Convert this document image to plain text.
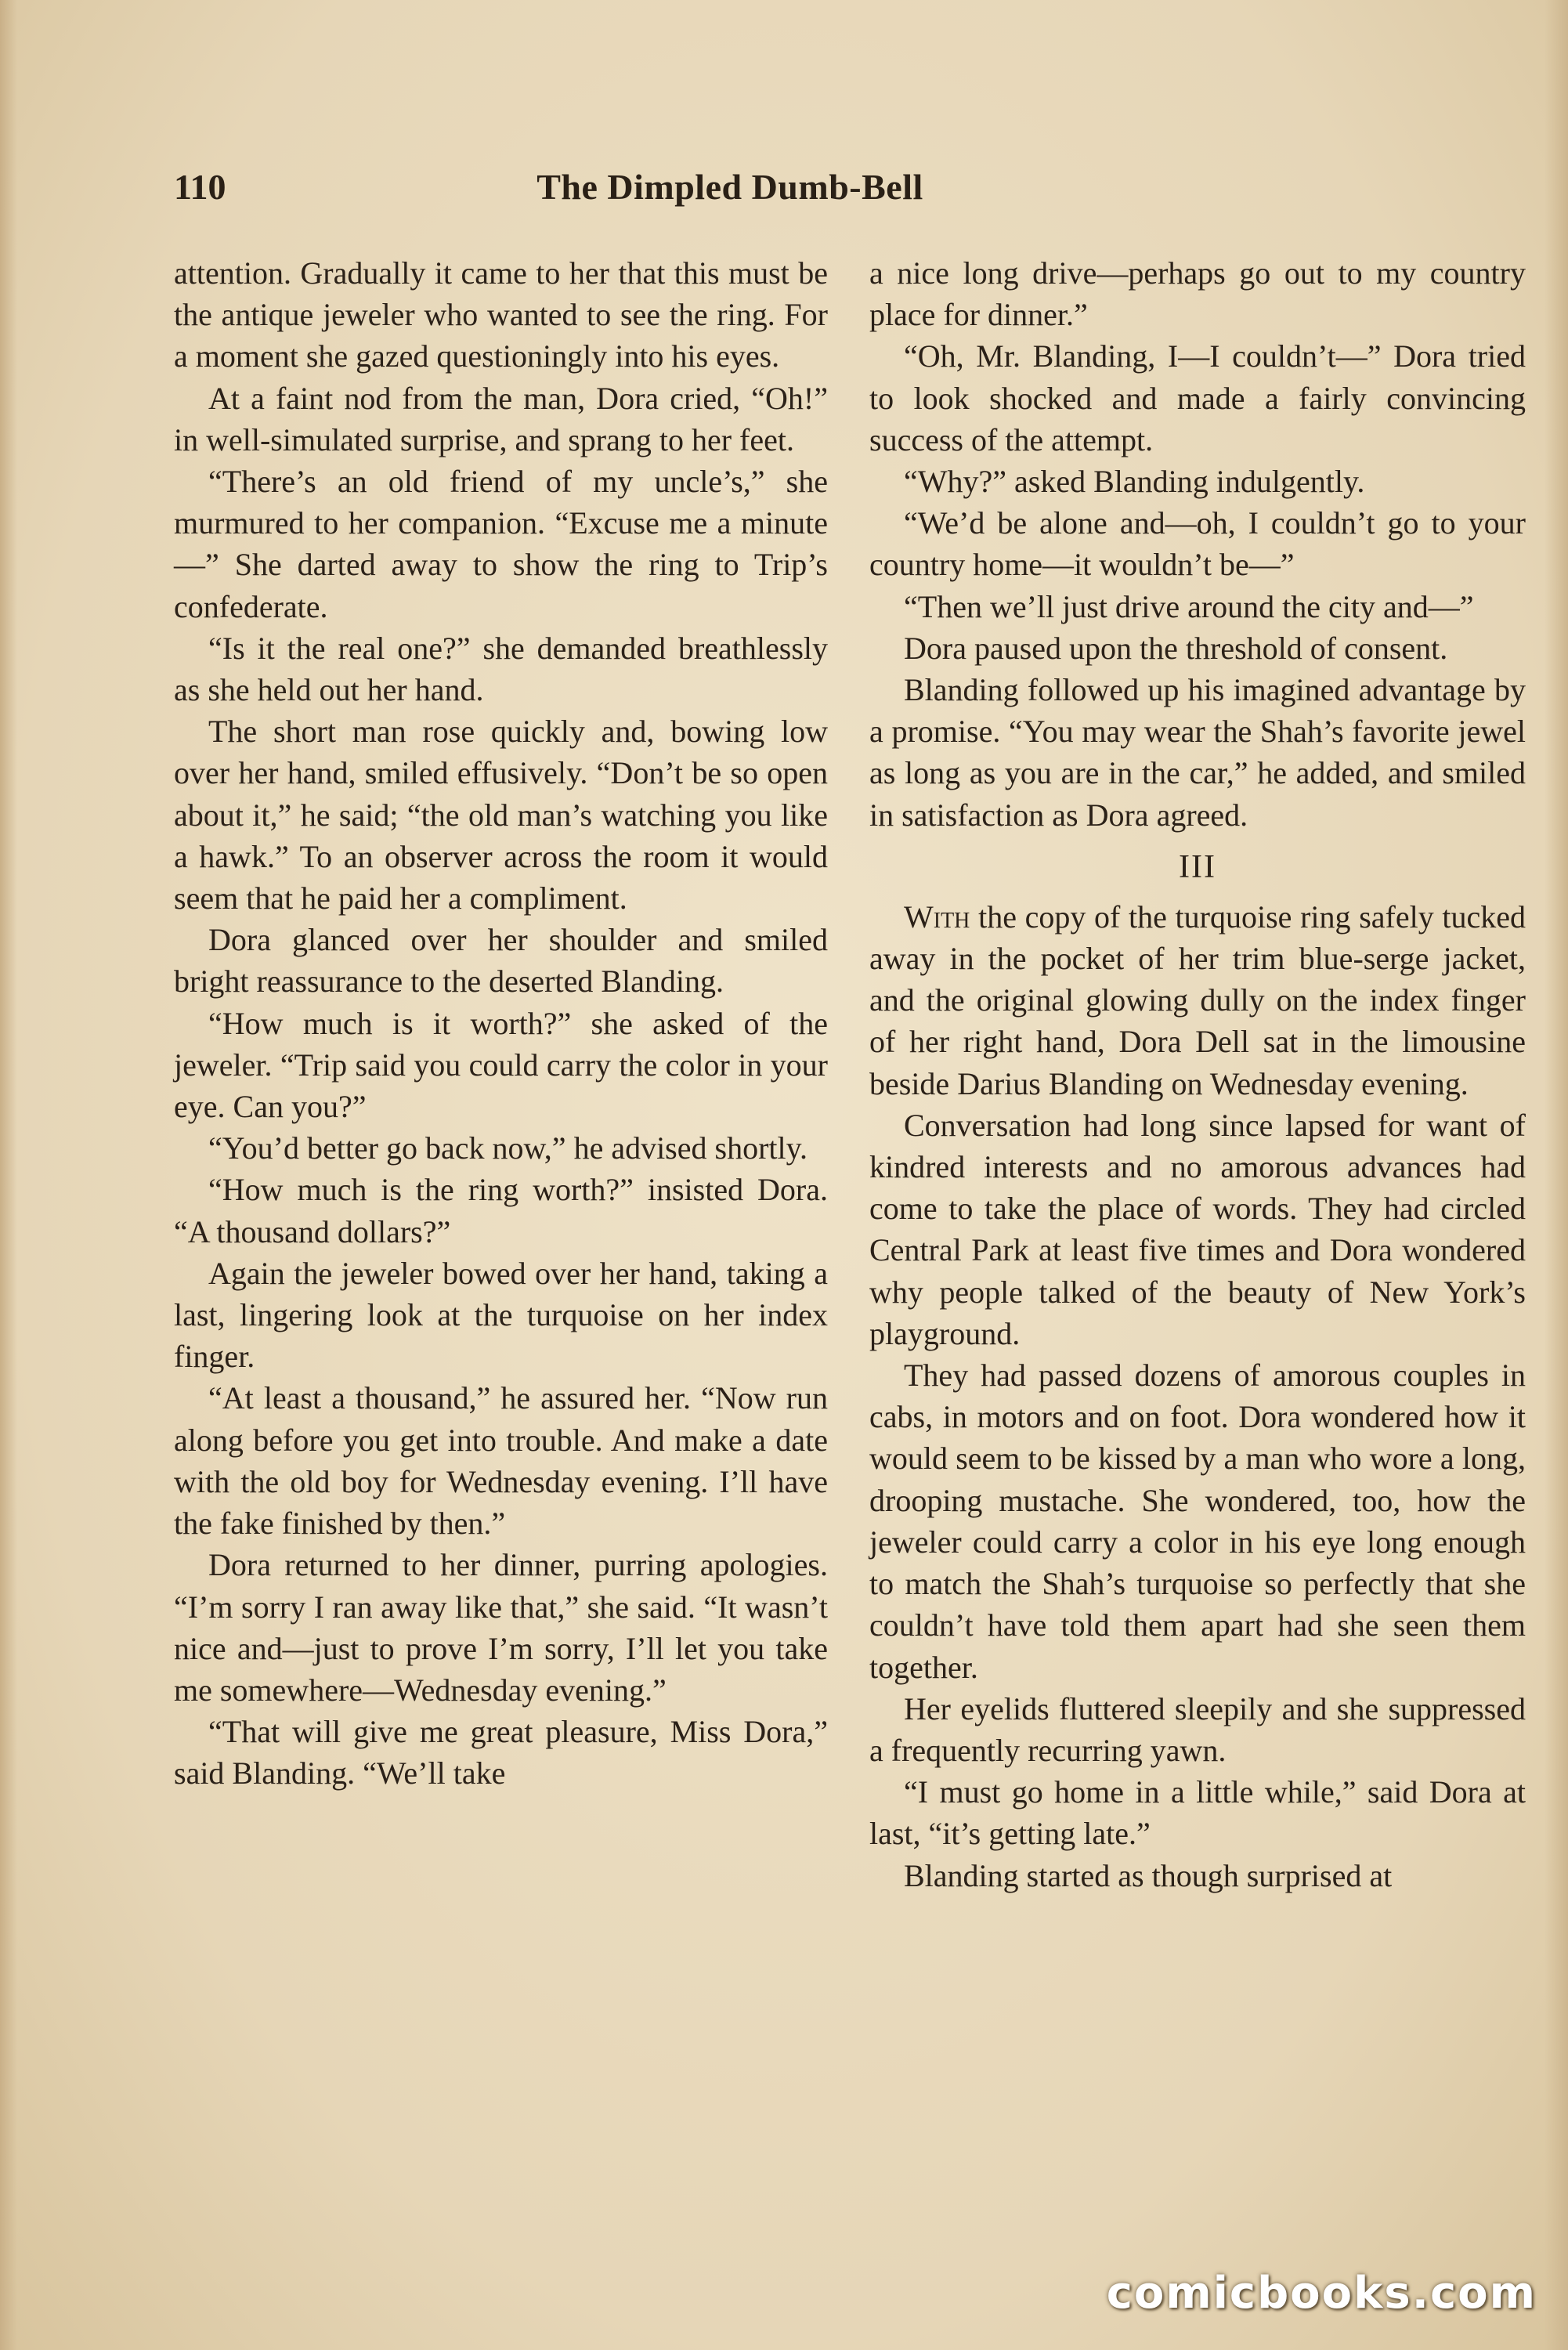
110	The Dimpled Dumb-Bell

attention. Gradually it came to her that this must be the antique jeweler who wanted to see the ring. For a moment she gazed questioningly into his eyes.

At a faint nod from the man, Dora cried, “Oh!” in well-simulated surprise, and sprang to her feet.

“There’s an old friend of my uncle’s,” she murmured to her companion. “Excuse me a minute—” She darted away to show the ring to Trip’s confederate.

“Is it the real one?” she demanded breathlessly as she held out her hand.

The short man rose quickly and, bowing low over her hand, smiled effusively. “Don’t be so open about it,” he said; “the old man’s watching you like a hawk.” To an observer across the room it would seem that he paid her a compliment.

Dora glanced over her shoulder and smiled bright reassurance to the deserted Blanding.

“How much is it worth?” she asked of the jeweler. “Trip said you could carry the color in your eye. Can you?”

“You’d better go back now,” he advised shortly.

“How much is the ring worth?” insisted Dora. “A thousand dollars?”

Again the jeweler bowed over her hand, taking a last, lingering look at the turquoise on her index finger.

“At least a thousand,” he assured her. “Now run along before you get into trouble. And make a date with the old boy for Wednesday evening. I’ll have the fake finished by then.”

Dora returned to her dinner, purring apologies. “I’m sorry I ran away like that,” she said. “It wasn’t nice and—just to prove I’m sorry, I’ll let you take me somewhere—Wednesday evening.”

“That will give me great pleasure, Miss Dora,” said Blanding. “We’ll take

a nice long drive—perhaps go out to my country place for dinner.”

“Oh, Mr. Blanding, I—I couldn’t—” Dora tried to look shocked and made a fairly convincing success of the attempt.

“Why?” asked Blanding indulgently.

“We’d be alone and—oh, I couldn’t go to your country home—it wouldn’t be—”

“Then we’ll just drive around the city and—”

Dora paused upon the threshold of consent.

Blanding followed up his imagined advantage by a promise. “You may wear the Shah’s favorite jewel as long as you are in the car,” he added, and smiled in satisfaction as Dora agreed.

III

With the copy of the turquoise ring safely tucked away in the pocket of her trim blue-serge jacket, and the original glowing dully on the index finger of her right hand, Dora Dell sat in the limousine beside Darius Blanding on Wednesday evening.

Conversation had long since lapsed for want of kindred interests and no amorous advances had come to take the place of words. They had circled Central Park at least five times and Dora wondered why people talked of the beauty of New York’s playground.

They had passed dozens of amorous couples in cabs, in motors and on foot. Dora wondered how it would seem to be kissed by a man who wore a long, drooping mustache. She wondered, too, how the jeweler could carry a color in his eye long enough to match the Shah’s turquoise so perfectly that she couldn’t have told them apart had she seen them together.

Her eyelids fluttered sleepily and she suppressed a frequently recurring yawn.

“I must go home in a little while,” said Dora at last, “it’s getting late.”

Blanding started as though surprised at

comicbooks.com
